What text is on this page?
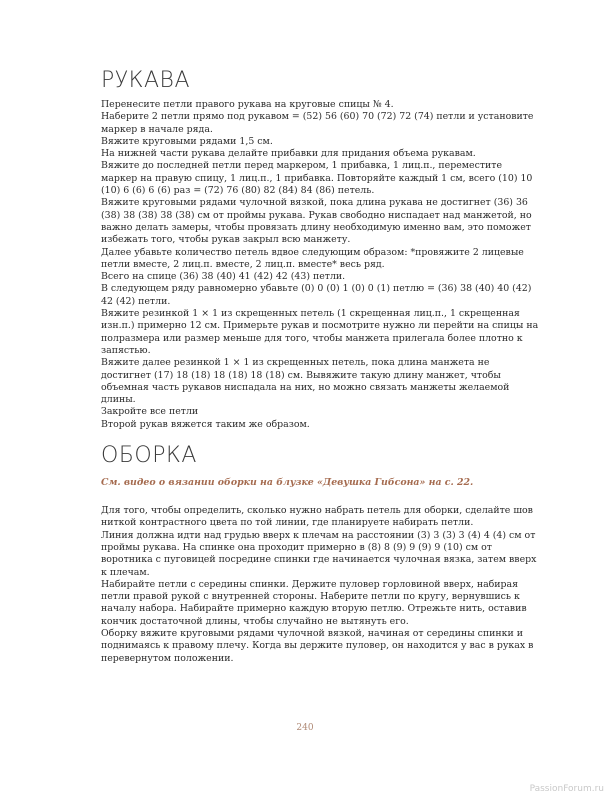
РУКАВА

Перенесите петли правого рукава на круговые спицы № 4.

Наберите 2 петли прямо под рукавом = (52) 56 (60) 70 (72) 72 (74) петли и установите маркер в начале ряда.

Вяжите круговыми рядами 1,5 см.

На нижней части рукава делайте прибавки для придания объема рукавам.

Вяжите до последней петли перед маркером, 1 прибавка, 1 лиц.п., переместите маркер на правую спицу, 1 лиц.п., 1 прибавка. Повторяйте каждый 1 см, всего (10) 10 (10) 6 (6) 6 (6) раз = (72) 76 (80) 82 (84) 84 (86) петель.

Вяжите круговыми рядами чулочной вязкой, пока длина рукава не достигнет (36) 36 (38) 38 (38) 38 (38) см от проймы рукава. Рукав свободно ниспадает над манжетой, но важно делать замеры, чтобы провязать длину необходимую именно вам, это поможет избежать того, чтобы рукав закрыл всю манжету.

Далее убавьте количество петель вдвое следующим образом: *провяжите 2 лицевые петли вместе, 2 лиц.п. вместе, 2 лиц.п. вместе* весь ряд.

Всего на спице (36) 38 (40) 41 (42) 42 (43) петли.

В следующем ряду равномерно убавьте (0) 0 (0) 1 (0) 0 (1) петлю = (36) 38 (40) 40 (42) 42 (42) петли.

Вяжите резинкой 1 × 1 из скрещенных петель (1 скрещенная лиц.п., 1 скрещенная изн.п.) примерно 12 см. Примерьте рукав и посмотрите нужно ли перейти на спицы на полразмера или размер меньше для того, чтобы манжета прилегала более плотно к запястью.

Вяжите далее резинкой 1 × 1 из скрещенных петель, пока длина манжета не достигнет (17) 18 (18) 18 (18) 18 (18) см. Вывяжите такую длину манжет, чтобы объемная часть рукавов ниспадала на них, но можно связать манжеты желаемой длины.

Закройте все петли

Второй рукав вяжется таким же образом.

ОБОРКА
См. видео о вязании оборки на блузке «Девушка Гибсона» на с. 22.

Для того, чтобы определить, сколько нужно набрать петель для оборки, сделайте шов ниткой контрастного цвета по той линии, где планируете набирать петли.

Линия должна идти над грудью вверх к плечам на расстоянии (3) 3 (3) 3 (4) 4 (4) см от проймы рукава. На спинке она проходит примерно в (8) 8 (9) 9 (9) 9 (10) см от воротника с пуговицей посредине спинки где начинается чулочная вязка, затем вверх к плечам.

Набирайте петли с середины спинки. Держите пуловер горловиной вверх, набирая петли правой рукой с внутренней стороны. Наберите петли по кругу, вернувшись к началу набора. Набирайте примерно каждую вторую петлю. Отрежьте нить, оставив кончик достаточной длины, чтобы случайно не вытянуть его.

Оборку вяжите круговыми рядами чулочной вязкой, начиная от середины спинки и поднимаясь к правому плечу. Когда вы держите пуловер, он находится у вас в руках в перевернутом положении.

240
PassionForum.ru
